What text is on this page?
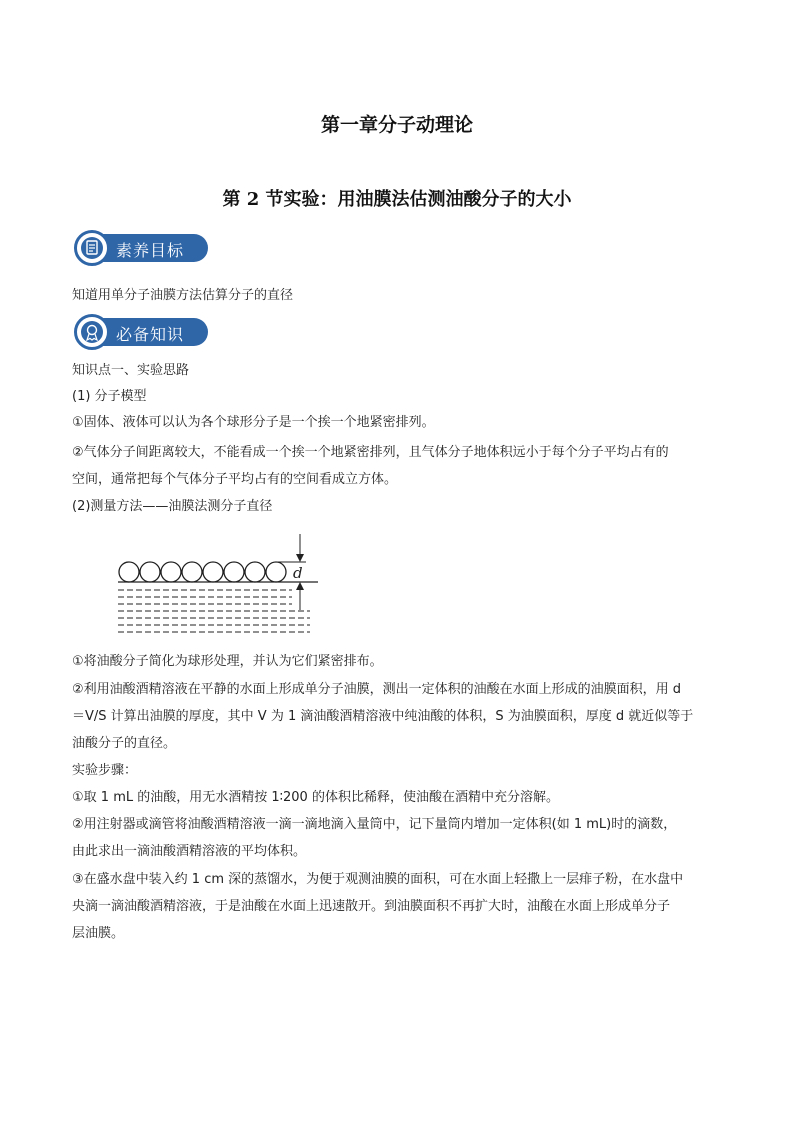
第一章分子动理论
第 2 节实验：用油膜法估测油酸分子的大小
素养目标
知道用单分子油膜方法估算分子的直径
必备知识
知识点一、实验思路
(1) 分子模型
①固体、液体可以认为各个球形分子是一个挨一个地紧密排列。
②气体分子间距离较大，不能看成一个挨一个地紧密排列，且气体分子地体积远小于每个分子平均占有的
空间，通常把每个气体分子平均占有的空间看成立方体。
(2)测量方法——油膜法测分子直径
d
①将油酸分子简化为球形处理，并认为它们紧密排布。
②利用油酸酒精溶液在平静的水面上形成单分子油膜，测出一定体积的油酸在水面上形成的油膜面积，用 d
＝V/S 计算出油膜的厚度，其中 V 为 1 滴油酸酒精溶液中纯油酸的体积，S 为油膜面积，厚度 d 就近似等于
油酸分子的直径。
实验步骤：
①取 1 mL 的油酸，用无水酒精按 1∶200 的体积比稀释，使油酸在酒精中充分溶解。
②用注射器或滴管将油酸酒精溶液一滴一滴地滴入量筒中，记下量筒内增加一定体积(如 1 mL)时的滴数，
由此求出一滴油酸酒精溶液的平均体积。
③在盛水盘中装入约 1 cm 深的蒸馏水，为便于观测油膜的面积，可在水面上轻撒上一层痱子粉，在水盘中
央滴一滴油酸酒精溶液，于是油酸在水面上迅速散开。到油膜面积不再扩大时，油酸在水面上形成单分子
层油膜。
